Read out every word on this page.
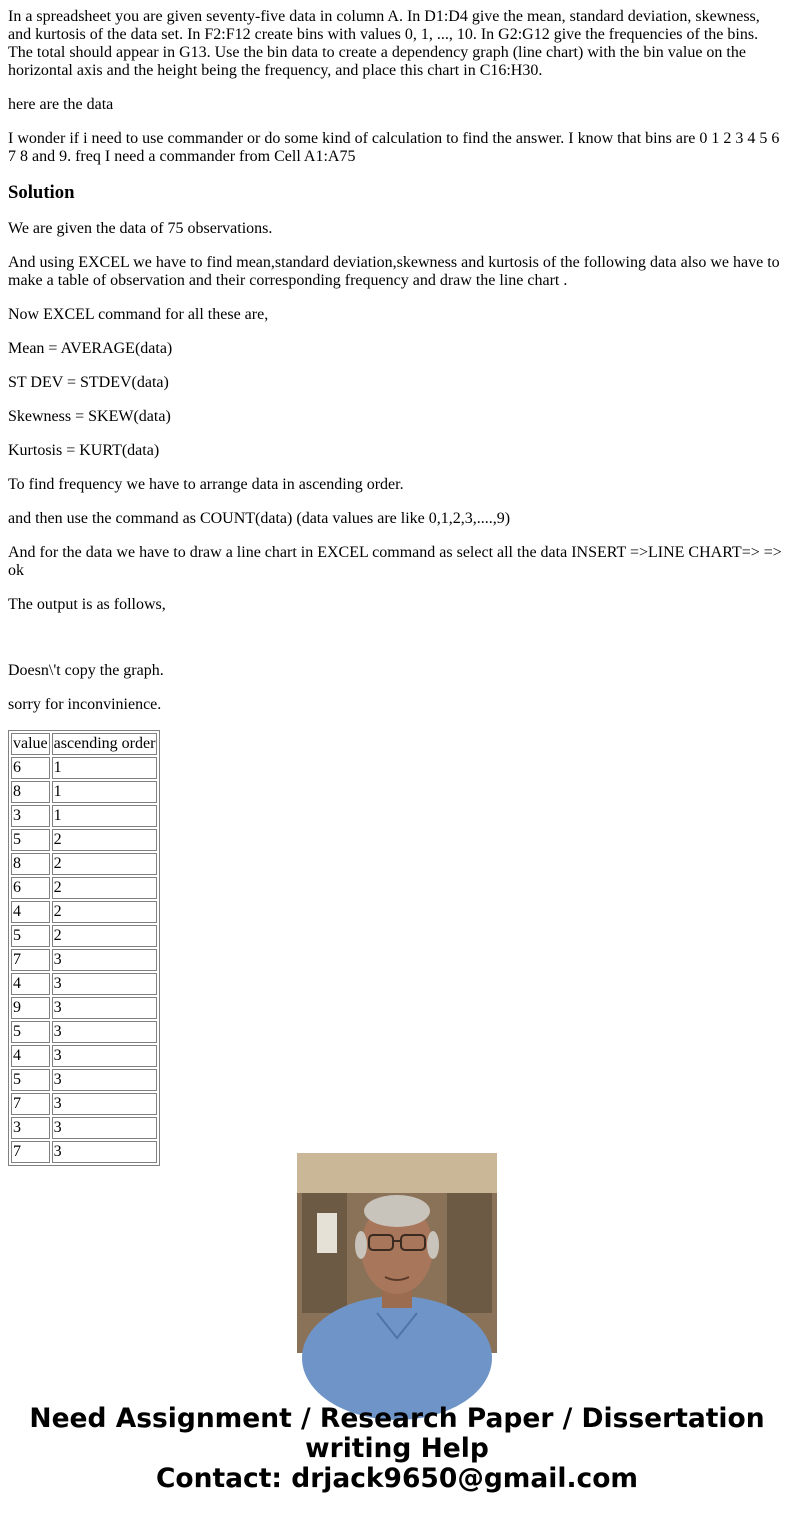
In a spreadsheet you are given seventy-five data in column A. In D1:D4 give the mean, standard deviation, skewness, and kurtosis of the data set. In F2:F12 create bins with values 0, 1, ..., 10. In G2:G12 give the frequencies of the bins. The total should appear in G13. Use the bin data to create a dependency graph (line chart) with the bin value on the horizontal axis and the height being the frequency, and place this chart in C16:H30.

here are the data

I wonder if i need to use commander or do some kind of calculation to find the answer. I know that bins are 0 1 2 3 4 5 6 7 8 and 9. freq I need a commander from Cell A1:A75

Solution

We are given the data of 75 observations.

And using EXCEL we have to find mean,standard deviation,skewness and kurtosis of the following data also we have to make a table of observation and their corresponding frequency and draw the line chart .

Now EXCEL command for all these are,

Mean = AVERAGE(data)

ST DEV = STDEV(data)

Skewness = SKEW(data)

Kurtosis = KURT(data)

To find frequency we have to arrange data in ascending order.

and then use the command as COUNT(data) (data values are like 0,1,2,3,....,9)

And for the data we have to draw a line chart in EXCEL command as select all the data INSERT =>LINE CHART=> => ok

The output is as follows,

Doesn\'t copy the graph.

sorry for inconvinience.

value	ascending order
6	1
8	1
3	1
5	2
8	2
6	2
4	2
5	2
7	3
4	3
9	3
5	3
4	3
5	3
7	3
3	3
7	3
Need Assignment / Research Paper / Dissertation
writing Help
Contact: drjack9650@gmail.com
